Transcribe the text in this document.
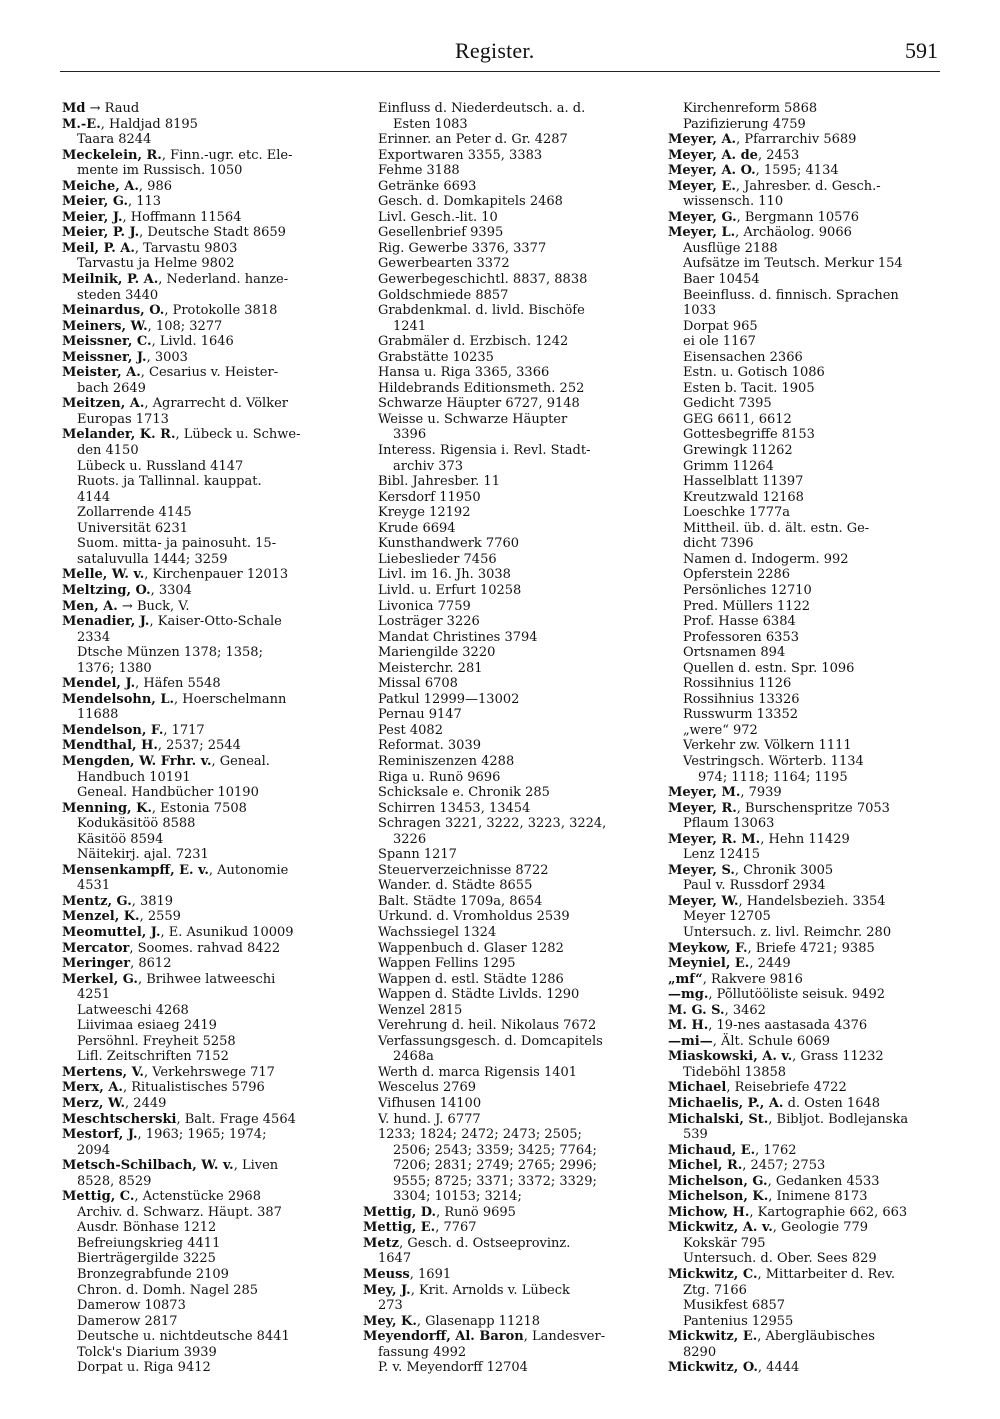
Register.	591
Md → Raud
M.-E., Haldjad 8195
Taara 8244
Meckelein, R., Finn.-ugr. etc. Ele-
mente im Russisch. 1050
Meiche, A., 986
Meier, G., 113
Meier, J., Hoffmann 11564
Meier, P. J., Deutsche Stadt 8659
Meil, P. A., Tarvastu 9803
Tarvastu ja Helme 9802
Meilnik, P. A., Nederland. hanze-
steden 3440
Meinardus, O., Protokolle 3818
Meiners, W., 108; 3277
Meissner, C., Livld. 1646
Meissner, J., 3003
Meister, A., Cesarius v. Heister-
bach 2649
Meitzen, A., Agrarrecht d. Völker
Europas 1713
Melander, K. R., Lübeck u. Schwe-
den 4150
Lübeck u. Russland 4147
Ruots. ja Tallinnal. kauppat.
4144
Zollarrende 4145
Universität 6231
Suom. mitta- ja painosuht. 15-
sataluvulla 1444; 3259
Melle, W. v., Kirchenpauer 12013
Meltzing, O., 3304
Men, A. → Buck, V.
Menadier, J., Kaiser-Otto-Schale
2334
Dtsche Münzen 1378; 1358;
1376; 1380
Mendel, J., Häfen 5548
Mendelsohn, L., Hoerschelmann
11688
Mendelson, F., 1717
Mendthal, H., 2537; 2544
Mengden, W. Frhr. v., Geneal.
Handbuch 10191
Geneal. Handbücher 10190
Menning, K., Estonia 7508
Kodukäsitöö 8588
Käsitöö 8594
Näitekirj. ajal. 7231
Mensenkampff, E. v., Autonomie
4531
Mentz, G., 3819
Menzel, K., 2559
Meomuttel, J., E. Asunikud 10009
Mercator, Soomes. rahvad 8422
Meringer, 8612
Merkel, G., Brihwee latweeschi
4251
Latweeschi 4268
Liivimaa esiaeg 2419
Persöhnl. Freyheit 5258
Lifl. Zeitschriften 7152
Mertens, V., Verkehrswege 717
Merx, A., Ritualistisches 5796
Merz, W., 2449
Meschtscherski, Balt. Frage 4564
Mestorf, J., 1963; 1965; 1974;
2094
Metsch-Schilbach, W. v., Liven
8528, 8529
Mettig, C., Actenstücke 2968
Archiv. d. Schwarz. Häupt. 387
Ausdr. Bönhase 1212
Befreiungskrieg 4411
Bierträgergilde 3225
Bronzegrabfunde 2109
Chron. d. Domh. Nagel 285
Damerow 10873
Damerow 2817
Deutsche u. nichtdeutsche 8441
Tolck's Diarium 3939
Dorpat u. Riga 9412
Einfluss d. Niederdeutsch. a. d.
Esten 1083
Erinner. an Peter d. Gr. 4287
Exportwaren 3355, 3383
Fehme 3188
Getränke 6693
Gesch. d. Domkapitels 2468
Livl. Gesch.-lit. 10
Gesellenbrief 9395
Rig. Gewerbe 3376, 3377
Gewerbearten 3372
Gewerbegeschichtl. 8837, 8838
Goldschmiede 8857
Grabdenkmal. d. livld. Bischöfe
1241
Grabmäler d. Erzbisch. 1242
Grabstätte 10235
Hansa u. Riga 3365, 3366
Hildebrands Editionsmeth. 252
Schwarze Häupter 6727, 9148
Weisse u. Schwarze Häupter
3396
Interess. Rigensia i. Revl. Stadt-
archiv 373
Bibl. Jahresber. 11
Kersdorf 11950
Kreyge 12192
Krude 6694
Kunsthandwerk 7760
Liebeslieder 7456
Livl. im 16. Jh. 3038
Livld. u. Erfurt 10258
Livonica 7759
Losträger 3226
Mandat Christines 3794
Mariengilde 3220
Meisterchr. 281
Missal 6708
Patkul 12999—13002
Pernau 9147
Pest 4082
Reformat. 3039
Reminiszenzen 4288
Riga u. Runö 9696
Schicksale e. Chronik 285
Schirren 13453, 13454
Schragen 3221, 3222, 3223, 3224,
3226
Spann 1217
Steuerverzeichnisse 8722
Wander. d. Städte 8655
Balt. Städte 1709a, 8654
Urkund. d. Vromholdus 2539
Wachssiegel 1324
Wappenbuch d. Glaser 1282
Wappen Fellins 1295
Wappen d. estl. Städte 1286
Wappen d. Städte Livlds. 1290
Wenzel 2815
Verehrung d. heil. Nikolaus 7672
Verfassungsgesch. d. Domcapitels
2468a
Werth d. marca Rigensis 1401
Wescelus 2769
Vifhusen 14100
V. hund. J. 6777
1233; 1824; 2472; 2473; 2505;
2506; 2543; 3359; 3425; 7764;
7206; 2831; 2749; 2765; 2996;
9555; 8725; 3371; 3372; 3329;
3304; 10153; 3214;
Mettig, D., Runö 9695
Mettig, E., 7767
Metz, Gesch. d. Ostseeprovinz.
1647
Meuss, 1691
Mey, J., Krit. Arnolds v. Lübeck
273
Mey, K., Glasenapp 11218
Meyendorff, Al. Baron, Landesver-
fassung 4992
P. v. Meyendorff 12704
Kirchenreform 5868
Pazifizierung 4759
Meyer, A., Pfarrarchiv 5689
Meyer, A. de, 2453
Meyer, A. O., 1595; 4134
Meyer, E., Jahresber. d. Gesch.-
wissensch. 110
Meyer, G., Bergmann 10576
Meyer, L., Archäolog. 9066
Ausflüge 2188
Aufsätze im Teutsch. Merkur 154
Baer 10454
Beeinfluss. d. finnisch. Sprachen
1033
Dorpat 965
ei ole 1167
Eisensachen 2366
Estn. u. Gotisch 1086
Esten b. Tacit. 1905
Gedicht 7395
GEG 6611, 6612
Gottesbegriffe 8153
Grewingk 11262
Grimm 11264
Hasselblatt 11397
Kreutzwald 12168
Loeschke 1777a
Mittheil. üb. d. ält. estn. Ge-
dicht 7396
Namen d. Indogerm. 992
Opferstein 2286
Persönliches 12710
Pred. Müllers 1122
Prof. Hasse 6384
Professoren 6353
Ortsnamen 894
Quellen d. estn. Spr. 1096
Rossihnius 1126
Rossihnius 13326
Russwurm 13352
„were“ 972
Verkehr zw. Völkern 1111
Vestringsch. Wörterb. 1134
974; 1118; 1164; 1195
Meyer, M., 7939
Meyer, R., Burschenspritze 7053
Pflaum 13063
Meyer, R. M., Hehn 11429
Lenz 12415
Meyer, S., Chronik 3005
Paul v. Russdorf 2934
Meyer, W., Handelsbezieh. 3354
Meyer 12705
Untersuch. z. livl. Reimchr. 280
Meykow, F., Briefe 4721; 9385
Meyniel, E., 2449
„mf“, Rakvere 9816
—mg., Põllutööliste seisuk. 9492
M. G. S., 3462
M. H., 19-nes aastasada 4376
—mi—, Ält. Schule 6069
Miaskowski, A. v., Grass 11232
Tideböhl 13858
Michael, Reisebriefe 4722
Michaelis, P., A. d. Osten 1648
Michalski, St., Bibljot. Bodlejanska
539
Michaud, E., 1762
Michel, R., 2457; 2753
Michelson, G., Gedanken 4533
Michelson, K., Inimene 8173
Michow, H., Kartographie 662, 663
Mickwitz, A. v., Geologie 779
Kokskär 795
Untersuch. d. Ober. Sees 829
Mickwitz, C., Mittarbeiter d. Rev.
Ztg. 7166
Musikfest 6857
Pantenius 12955
Mickwitz, E., Abergläubisches
8290
Mickwitz, O., 4444
